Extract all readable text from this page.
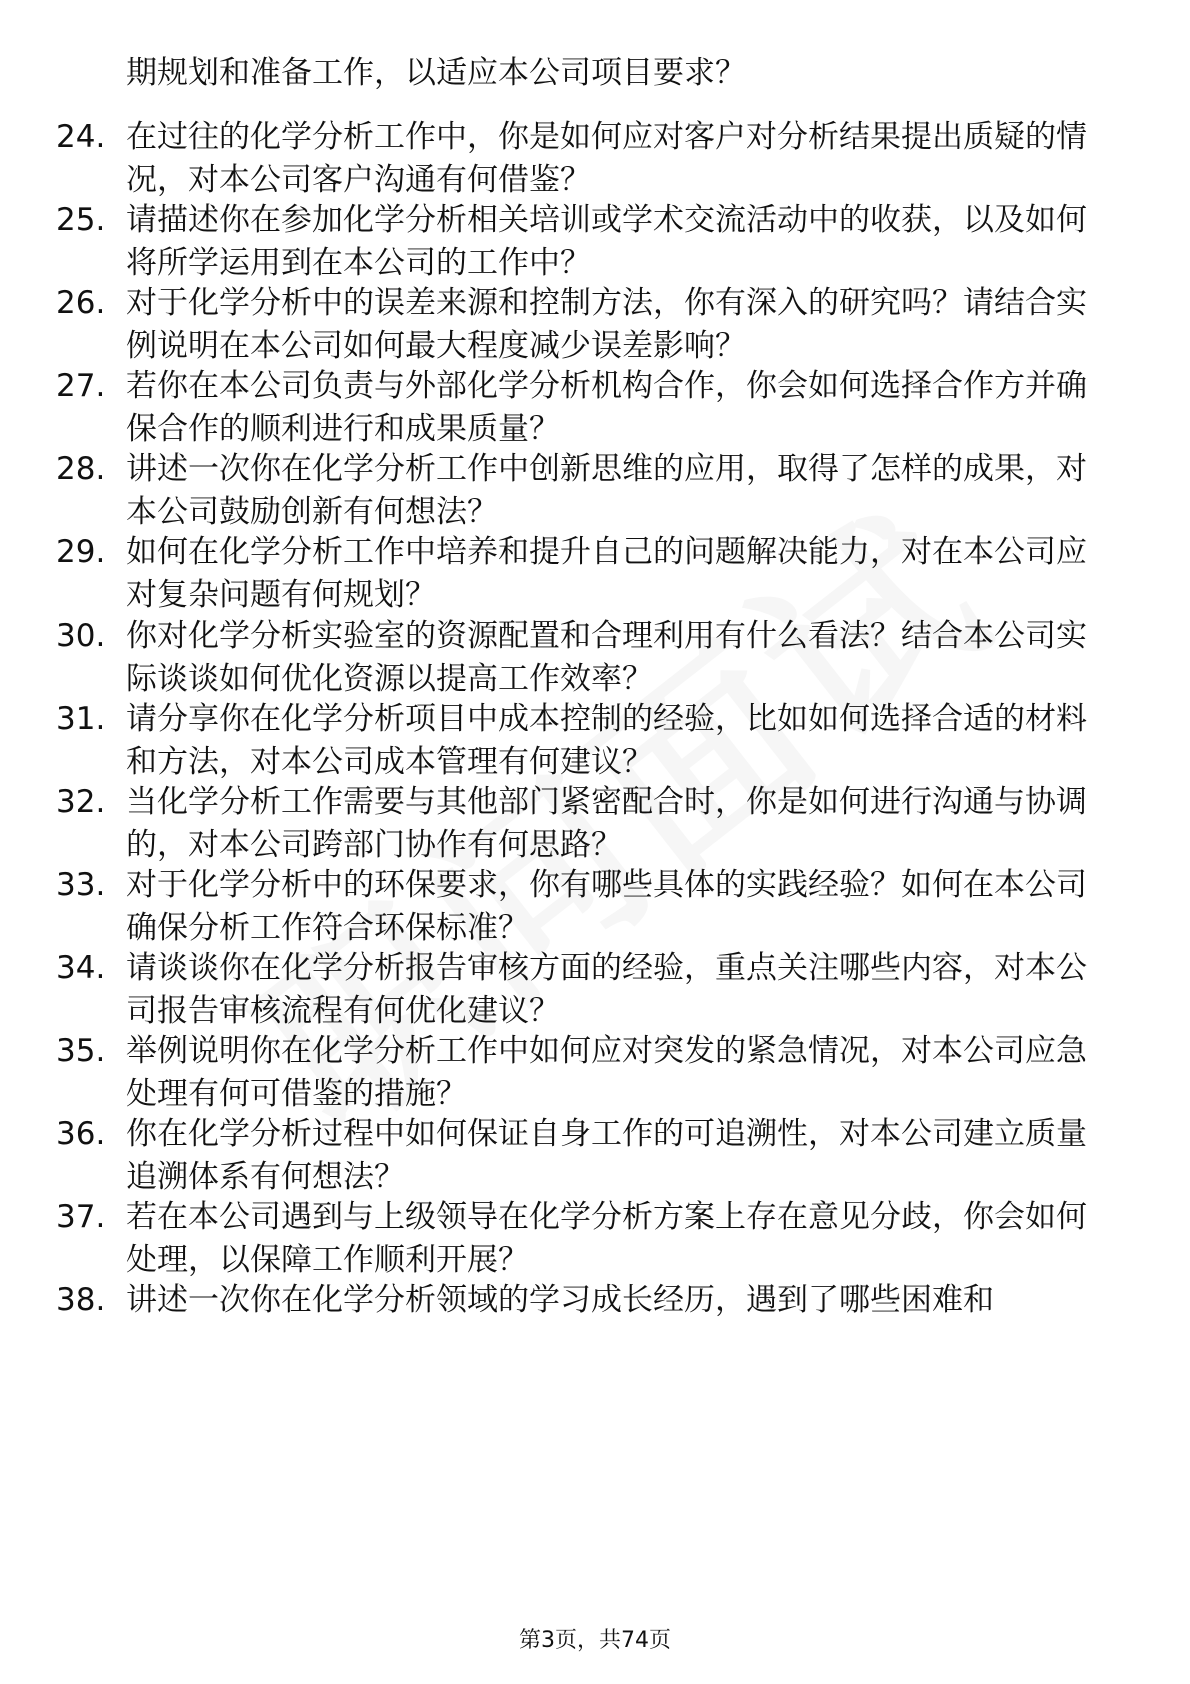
期规划和准备工作，以适应本公司项目要求？

24. 在过往的化学分析工作中，你是如何应对客户对分析结果提出质疑的情况，对本公司客户沟通有何借鉴？

25. 请描述你在参加化学分析相关培训或学术交流活动中的收获，以及如何将所学运用到在本公司的工作中？

26. 对于化学分析中的误差来源和控制方法，你有深入的研究吗？请结合实例说明在本公司如何最大程度减少误差影响？

27. 若你在本公司负责与外部化学分析机构合作，你会如何选择合作方并确保合作的顺利进行和成果质量？

28. 讲述一次你在化学分析工作中创新思维的应用，取得了怎样的成果，对本公司鼓励创新有何想法？

29. 如何在化学分析工作中培养和提升自己的问题解决能力，对在本公司应对复杂问题有何规划？

30. 你对化学分析实验室的资源配置和合理利用有什么看法？结合本公司实际谈谈如何优化资源以提高工作效率？

31. 请分享你在化学分析项目中成本控制的经验，比如如何选择合适的材料和方法，对本公司成本管理有何建议？

32. 当化学分析工作需要与其他部门紧密配合时，你是如何进行沟通与协调的，对本公司跨部门协作有何思路？

33. 对于化学分析中的环保要求，你有哪些具体的实践经验？如何在本公司确保分析工作符合环保标准？

34. 请谈谈你在化学分析报告审核方面的经验，重点关注哪些内容，对本公司报告审核流程有何优化建议？

35. 举例说明你在化学分析工作中如何应对突发的紧急情况，对本公司应急处理有何可借鉴的措施？

36. 你在化学分析过程中如何保证自身工作的可追溯性，对本公司建立质量追溯体系有何想法？

37. 若在本公司遇到与上级领导在化学分析方案上存在意见分歧，你会如何处理，以保障工作顺利开展？

38. 讲述一次你在化学分析领域的学习成长经历，遇到了哪些困难和

第3页，共74页
